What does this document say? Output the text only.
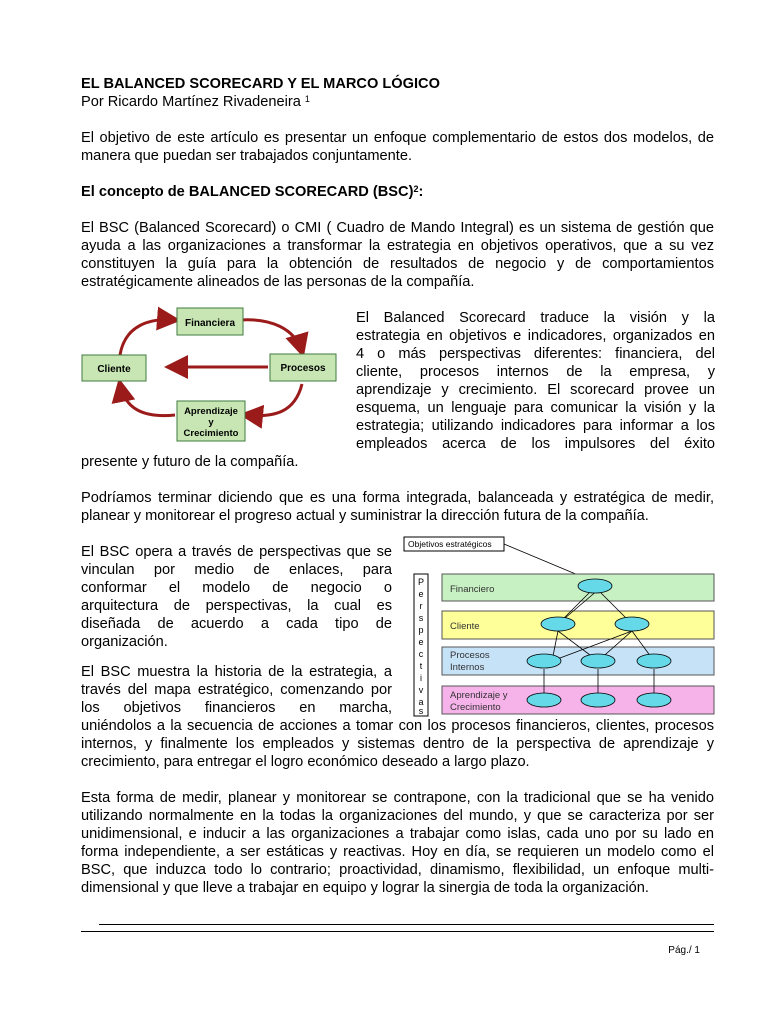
EL BALANCED SCORECARD Y EL MARCO LÓGICO
Por Ricardo Martínez Rivadeneira $^1$
El objetivo de este artículo es presentar un enfoque complementario de estos dos modelos, de manera que puedan ser trabajados conjuntamente.
El concepto de BALANCED SCORECARD (BSC)$^2$:
El BSC (Balanced Scorecard) o CMI ( Cuadro de Mando Integral) es un sistema de gestión que ayuda a las organizaciones a transformar la estrategia en objetivos operativos, que a su vez constituyen la guía para la obtención de resultados de negocio y de comportamientos estratégicamente alineados de las personas de la compañía.
Financiera
Cliente	Procesos
Aprendizaje
y
Crecimiento
El Balanced Scorecard traduce la visión y la
estrategia en objetivos e indicadores, organizados en
4 o más perspectivas diferentes: financiera, del
cliente, procesos internos de la empresa, y
aprendizaje y crecimiento. El scorecard provee un
esquema, un lenguaje para comunicar la visión y la
estrategia; utilizando indicadores para informar a los
empleados acerca de los impulsores del éxito
presente y futuro de la compañía.
Podríamos terminar diciendo que es una forma integrada, balanceada y estratégica de medir, planear y monitorear el progreso actual y suministrar la dirección futura de la compañía.
El BSC opera a través de perspectivas que se
vinculan por medio de enlaces, para
conformar el modelo de negocio o
arquitectura de perspectivas, la cual es
diseñada de acuerdo a cada tipo de
organización.
El BSC muestra la historia de la estrategia, a
través del mapa estratégico, comenzando por
los objetivos financieros en marcha,
uniéndolos a la secuencia de acciones a tomar con los procesos financieros, clientes, procesos internos, y finalmente los empleados y sistemas dentro de la perspectiva de aprendizaje y crecimiento, para entregar el logro económico deseado a largo plazo.
Objetivos estratégicos
P
e
r
s
p
e
c
t
i
v
a
s
Financiero
Cliente
Procesos
Internos
Aprendizaje y
Crecimiento
Esta forma de medir, planear y monitorear se contrapone, con la tradicional que se ha venido utilizando normalmente en la todas la organizaciones del mundo, y que se caracteriza por ser unidimensional, e inducir a las organizaciones a trabajar como islas, cada uno por su lado en forma independiente, a ser estáticas y reactivas. Hoy en día, se requieren un modelo como el BSC, que induzca todo lo contrario; proactividad, dinamismo, flexibilidad, un enfoque multi-dimensional y que lleve a trabajar en equipo y lograr la sinergia de toda la organización.
Pág./ 1
